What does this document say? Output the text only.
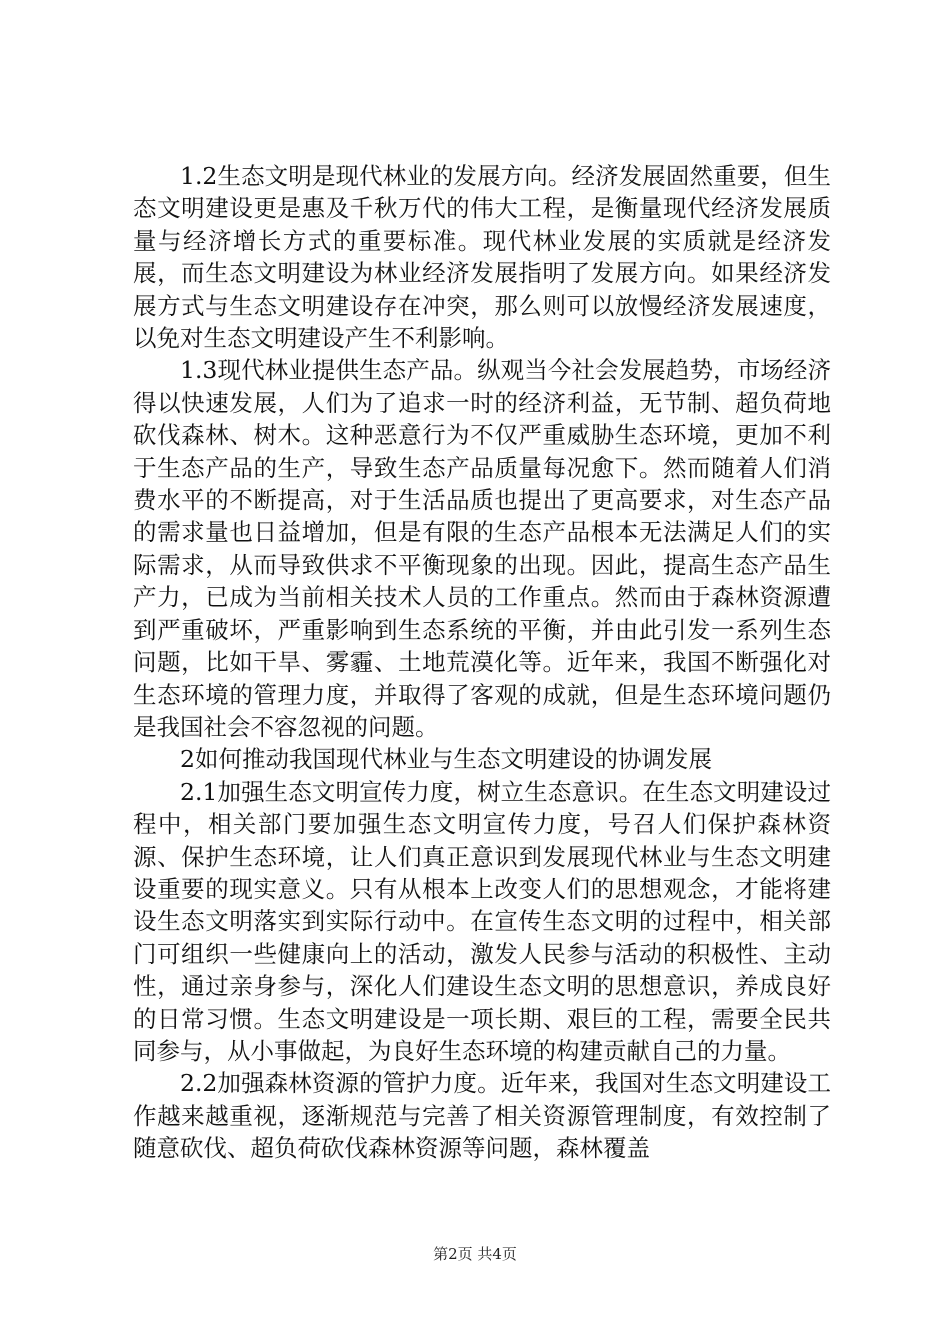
1.2生态文明是现代林业的发展方向。经济发展固然重要，但生态文明建设更是惠及千秋万代的伟大工程，是衡量现代经济发展质量与经济增长方式的重要标准。现代林业发展的实质就是经济发展，而生态文明建设为林业经济发展指明了发展方向。如果经济发展方式与生态文明建设存在冲突，那么则可以放慢经济发展速度，以免对生态文明建设产生不利影响。

1.3现代林业提供生态产品。纵观当今社会发展趋势，市场经济得以快速发展，人们为了追求一时的经济利益，无节制、超负荷地砍伐森林、树木。这种恶意行为不仅严重威胁生态环境，更加不利于生态产品的生产，导致生态产品质量每况愈下。然而随着人们消费水平的不断提高，对于生活品质也提出了更高要求，对生态产品的需求量也日益增加，但是有限的生态产品根本无法满足人们的实际需求，从而导致供求不平衡现象的出现。因此，提高生态产品生产力，已成为当前相关技术人员的工作重点。然而由于森林资源遭到严重破坏，严重影响到生态系统的平衡，并由此引发一系列生态问题，比如干旱、雾霾、土地荒漠化等。近年来，我国不断强化对生态环境的管理力度，并取得了客观的成就，但是生态环境问题仍是我国社会不容忽视的问题。

2如何推动我国现代林业与生态文明建设的协调发展

2.1加强生态文明宣传力度，树立生态意识。在生态文明建设过程中，相关部门要加强生态文明宣传力度，号召人们保护森林资源、保护生态环境，让人们真正意识到发展现代林业与生态文明建设重要的现实意义。只有从根本上改变人们的思想观念，才能将建设生态文明落实到实际行动中。在宣传生态文明的过程中，相关部门可组织一些健康向上的活动，激发人民参与活动的积极性、主动性，通过亲身参与，深化人们建设生态文明的思想意识，养成良好的日常习惯。生态文明建设是一项长期、艰巨的工程，需要全民共同参与，从小事做起，为良好生态环境的构建贡献自己的力量。

2.2加强森林资源的管护力度。近年来，我国对生态文明建设工作越来越重视，逐渐规范与完善了相关资源管理制度，有效控制了随意砍伐、超负荷砍伐森林资源等问题，森林覆盖

第2页 共4页
